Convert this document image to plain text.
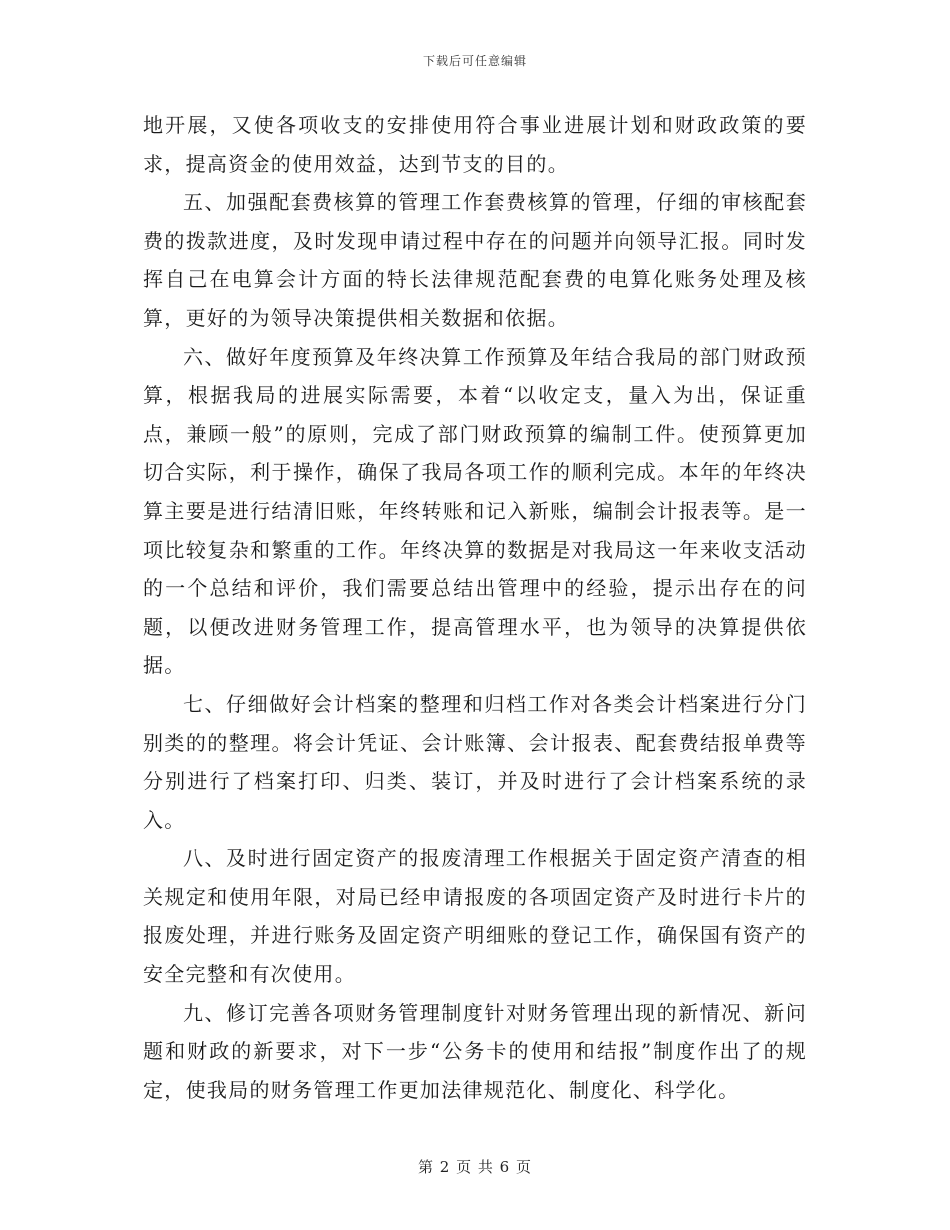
下载后可任意编辑

地开展，又使各项收支的安排使用符合事业进展计划和财政政策的要求，提高资金的使用效益，达到节支的目的。

五、加强配套费核算的管理工作套费核算的管理，仔细的审核配套费的拨款进度，及时发现申请过程中存在的问题并向领导汇报。同时发挥自己在电算会计方面的特长法律规范配套费的电算化账务处理及核算，更好的为领导决策提供相关数据和依据。

六、做好年度预算及年终决算工作预算及年结合我局的部门财政预算，根据我局的进展实际需要，本着“以收定支，量入为出，保证重点，兼顾一般”的原则，完成了部门财政预算的编制工件。使预算更加切合实际，利于操作，确保了我局各项工作的顺利完成。本年的年终决算主要是进行结清旧账，年终转账和记入新账，编制会计报表等。是一项比较复杂和繁重的工作。年终决算的数据是对我局这一年来收支活动的一个总结和评价，我们需要总结出管理中的经验，提示出存在的问题，以便改进财务管理工作，提高管理水平，也为领导的决算提供依据。

七、仔细做好会计档案的整理和归档工作对各类会计档案进行分门别类的的整理。将会计凭证、会计账簿、会计报表、配套费结报单费等分别进行了档案打印、归类、装订，并及时进行了会计档案系统的录入。

八、及时进行固定资产的报废清理工作根据关于固定资产清查的相关规定和使用年限，对局已经申请报废的各项固定资产及时进行卡片的报废处理，并进行账务及固定资产明细账的登记工作，确保国有资产的安全完整和有次使用。

九、修订完善各项财务管理制度针对财务管理出现的新情况、新问题和财政的新要求，对下一步“公务卡的使用和结报”制度作出了的规定，使我局的财务管理工作更加法律规范化、制度化、科学化。

第 2 页 共 6 页
